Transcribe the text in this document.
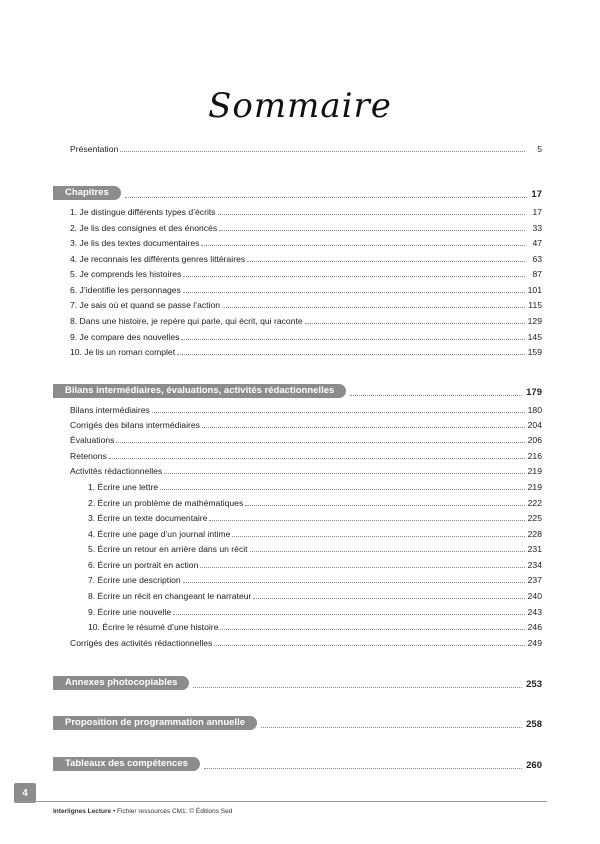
Sommaire
Présentation	5
Chapitres	17
1. Je distingue différents types d’écrits	17
2. Je lis des consignes et des énoncés	33
3. Je lis des textes documentaires	47
4. Je reconnais les différents genres littéraires	63
5. Je comprends les histoires	87
6. J’identifie les personnages	101
7. Je sais où et quand se passe l’action	115
8. Dans une histoire, je repère qui parle, qui écrit, qui raconte	129
9. Je compare des nouvelles	145
10. Je lis un roman complet	159
Bilans intermédiaires, évaluations, activités rédactionnelles	179
Bilans intermédiaires	180
Corrigés des bilans intermédiaires	204
Évaluations	206
Retenons	216
Activités rédactionnelles	219
1. Écrire une lettre	219
2. Écrire un problème de mathématiques	222
3. Écrire un texte documentaire	225
4. Écrire une page d’un journal intime	228
5. Écrire un retour en arrière dans un récit	231
6. Écrire un portrait en action	234
7. Écrire une description	237
8. Écrire un récit en changeant le narrateur	240
9. Écrire une nouvelle	243
10. Écrire le résumé d’une histoire	246
Corrigés des activités rédactionnelles	249
Annexes photocopiables	253
Proposition de programmation annuelle	258
Tableaux des compétences	260
4
Interlignes Lecture • Fichier ressources CM1. © Éditions Sed
